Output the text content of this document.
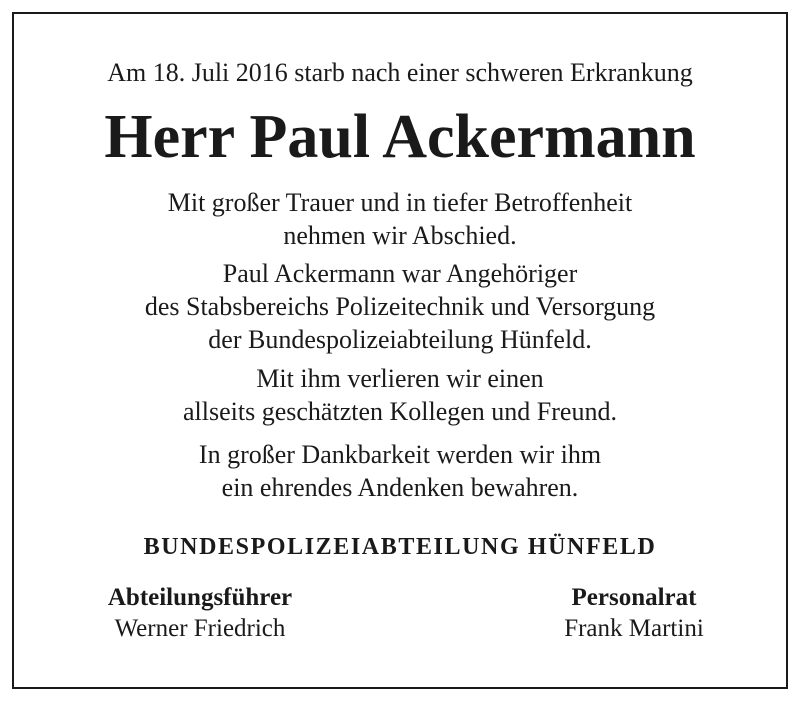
Am 18. Juli 2016 starb nach einer schweren Erkrankung
Herr Paul Ackermann
Mit großer Trauer und in tiefer Betroffenheit
nehmen wir Abschied.
Paul Ackermann war Angehöriger
des Stabsbereichs Polizeitechnik und Versorgung
der Bundespolizeiabteilung Hünfeld.
Mit ihm verlieren wir einen
allseits geschätzten Kollegen und Freund.
In großer Dankbarkeit werden wir ihm
ein ehrendes Andenken bewahren.
BUNDESPOLIZEIABTEILUNG HÜNFELD
Abteilungsführer
Werner Friedrich
Personalrat
Frank Martini
